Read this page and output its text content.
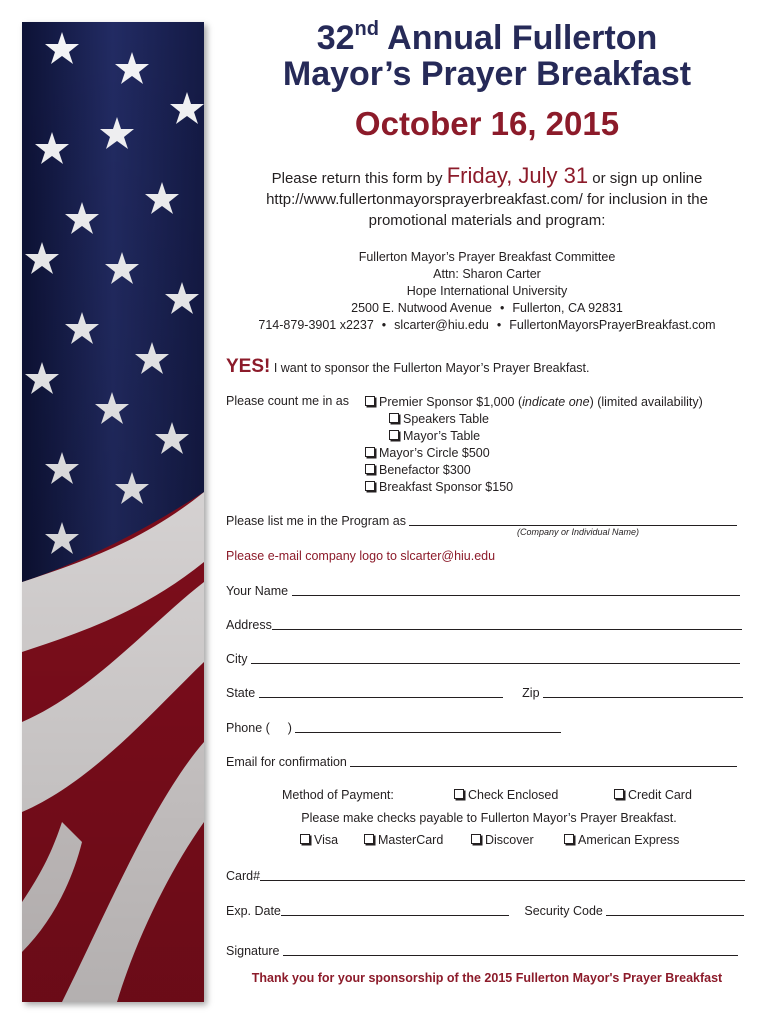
32nd Annual Fullerton
Mayor’s Prayer Breakfast
October 16, 2015
Please return this form by Friday, July 31 or sign up online
http://www.fullertonmayorsprayerbreakfast.com/ for inclusion in the
promotional materials and program:
Fullerton Mayor’s Prayer Breakfast Committee
Attn: Sharon Carter
Hope International University
2500 E. Nutwood Avenue • Fullerton, CA 92831
714-879-3901 x2237 • slcarter@hiu.edu • FullertonMayorsPrayerBreakfast.com
YES! I want to sponsor the Fullerton Mayor’s Prayer Breakfast.
Please count me in as	Premier Sponsor $1,000 (indicate one) (limited availability)
Speakers Table
Mayor’s Table
Mayor’s Circle $500
Benefactor $300
Breakfast Sponsor $150
Please list me in the Program as
(Company or Individual Name)
Please e-mail company logo to slcarter@hiu.edu
Your Name
Address
City
State	Zip
Phone ( )
Email for confirmation
Method of Payment:	Check Enclosed	Credit Card
Please make checks payable to Fullerton Mayor’s Prayer Breakfast.
Visa	MasterCard	Discover	American Express
Card#
Exp. Date	Security Code
Signature
Thank you for your sponsorship of the 2015 Fullerton Mayor's Prayer Breakfast
